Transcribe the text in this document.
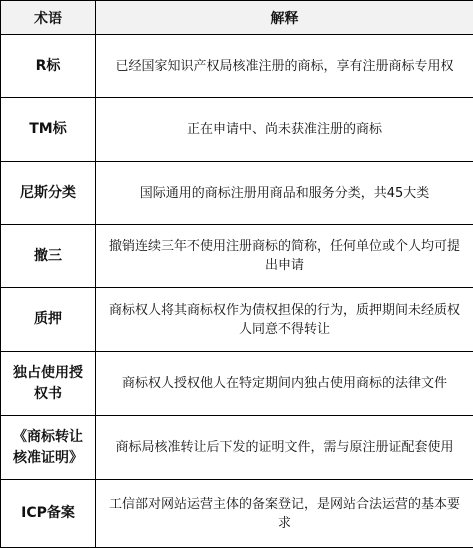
术语	解释
R标	已经国家知识产权局核准注册的商标，享有注册商标专用权
TM标	正在申请中、尚未获准注册的商标
尼斯分类	国际通用的商标注册用商品和服务分类，共45大类
撤三	撤销连续三年不使用注册商标的简称，任何单位或个人均可提出申请
质押	商标权人将其商标权作为债权担保的行为，质押期间未经质权人同意不得转让
独占使用授权书	商标权人授权他人在特定期间内独占使用商标的法律文件
《商标转让核准证明》	商标局核准转让后下发的证明文件，需与原注册证配套使用
ICP备案	工信部对网站运营主体的备案登记，是网站合法运营的基本要求
